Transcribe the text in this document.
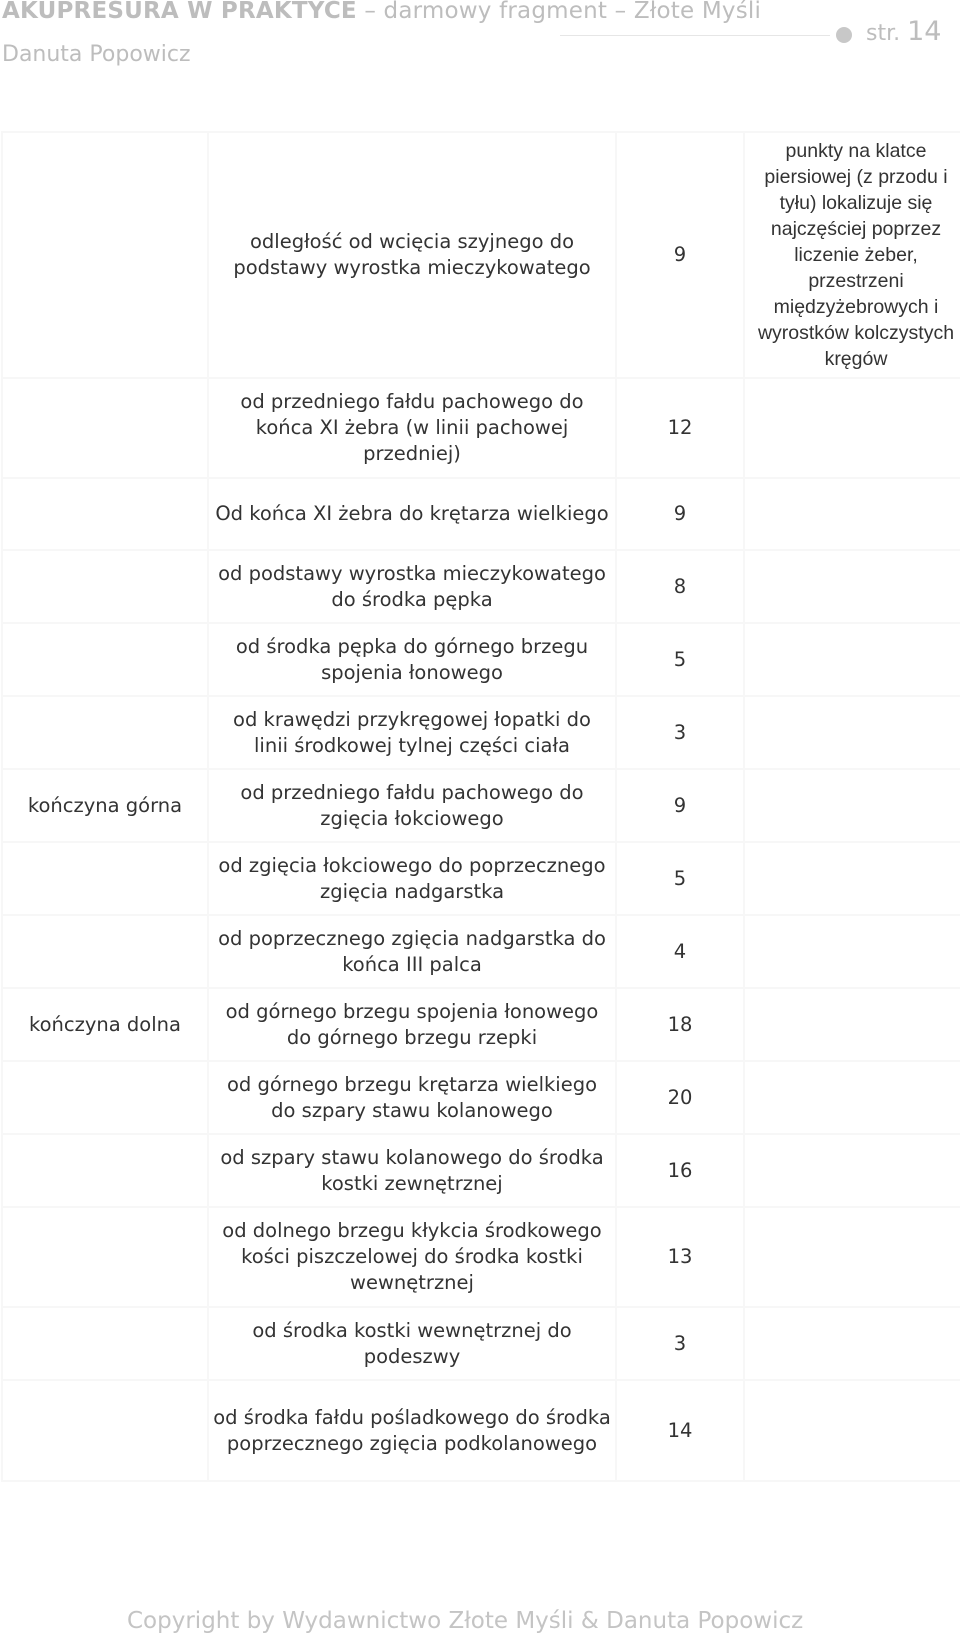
AKUPRESURA W PRAKTYCE – darmowy fragment – Złote Myśli
Danuta Popowicz
str. 14
	odległość od wcięcia szyjnego do podstawy wyrostka mieczykowatego	9	punkty na klatce piersiowej (z przodu i tyłu) lokalizuje się najczęściej poprzez liczenie żeber, przestrzeni międzyżebrowych i wyrostków kolczystych kręgów
	od przedniego fałdu pachowego do końca XI żebra (w linii pachowej przedniej)	12	
	Od końca XI żebra do krętarza wielkiego	9	
	od podstawy wyrostka mieczykowatego do środka pępka	8	
	od środka pępka do górnego brzegu spojenia łonowego	5	
	od krawędzi przykręgowej łopatki do linii środkowej tylnej części ciała	3	
kończyna górna	od przedniego fałdu pachowego do zgięcia łokciowego	9	
	od zgięcia łokciowego do poprzecznego zgięcia nadgarstka	5	
	od poprzecznego zgięcia nadgarstka do końca III palca	4	
kończyna dolna	od górnego brzegu spojenia łonowego do górnego brzegu rzepki	18	
	od górnego brzegu krętarza wielkiego do szpary stawu kolanowego	20	
	od szpary stawu kolanowego do środka kostki zewnętrznej	16	
	od dolnego brzegu kłykcia środkowego kości piszczelowej do środka kostki wewnętrznej	13	
	od środka kostki wewnętrznej do podeszwy	3	
	od środka fałdu pośladkowego do środka poprzecznego zgięcia podkolanowego	14	
Copyright by Wydawnictwo Złote Myśli & Danuta Popowicz
